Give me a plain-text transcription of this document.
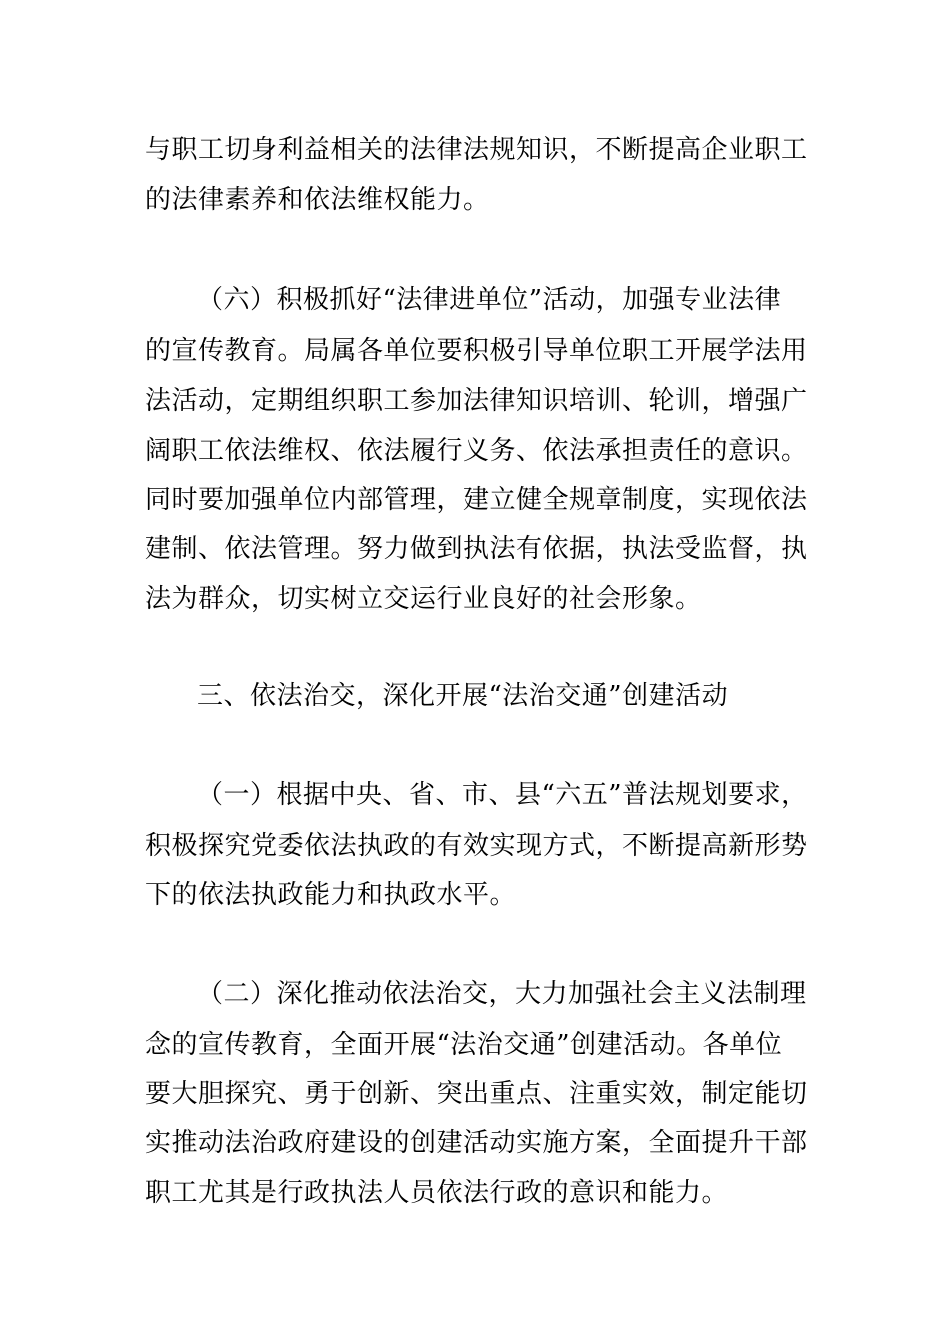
与职工切身利益相关的法律法规知识，不断提高企业职工
的法律素养和依法维权能力。
（六）积极抓好“法律进单位”活动，加强专业法律
的宣传教育。局属各单位要积极引导单位职工开展学法用
法活动，定期组织职工参加法律知识培训、轮训，增强广
阔职工依法维权、依法履行义务、依法承担责任的意识。
同时要加强单位内部管理，建立健全规章制度，实现依法
建制、依法管理。努力做到执法有依据，执法受监督，执
法为群众，切实树立交运行业良好的社会形象。
三、依法治交，深化开展“法治交通”创建活动
（一）根据中央、省、市、县“六五”普法规划要求，
积极探究党委依法执政的有效实现方式，不断提高新形势
下的依法执政能力和执政水平。
（二）深化推动依法治交，大力加强社会主义法制理
念的宣传教育，全面开展“法治交通”创建活动。各单位
要大胆探究、勇于创新、突出重点、注重实效，制定能切
实推动法治政府建设的创建活动实施方案，全面提升干部
职工尤其是行政执法人员依法行政的意识和能力。
